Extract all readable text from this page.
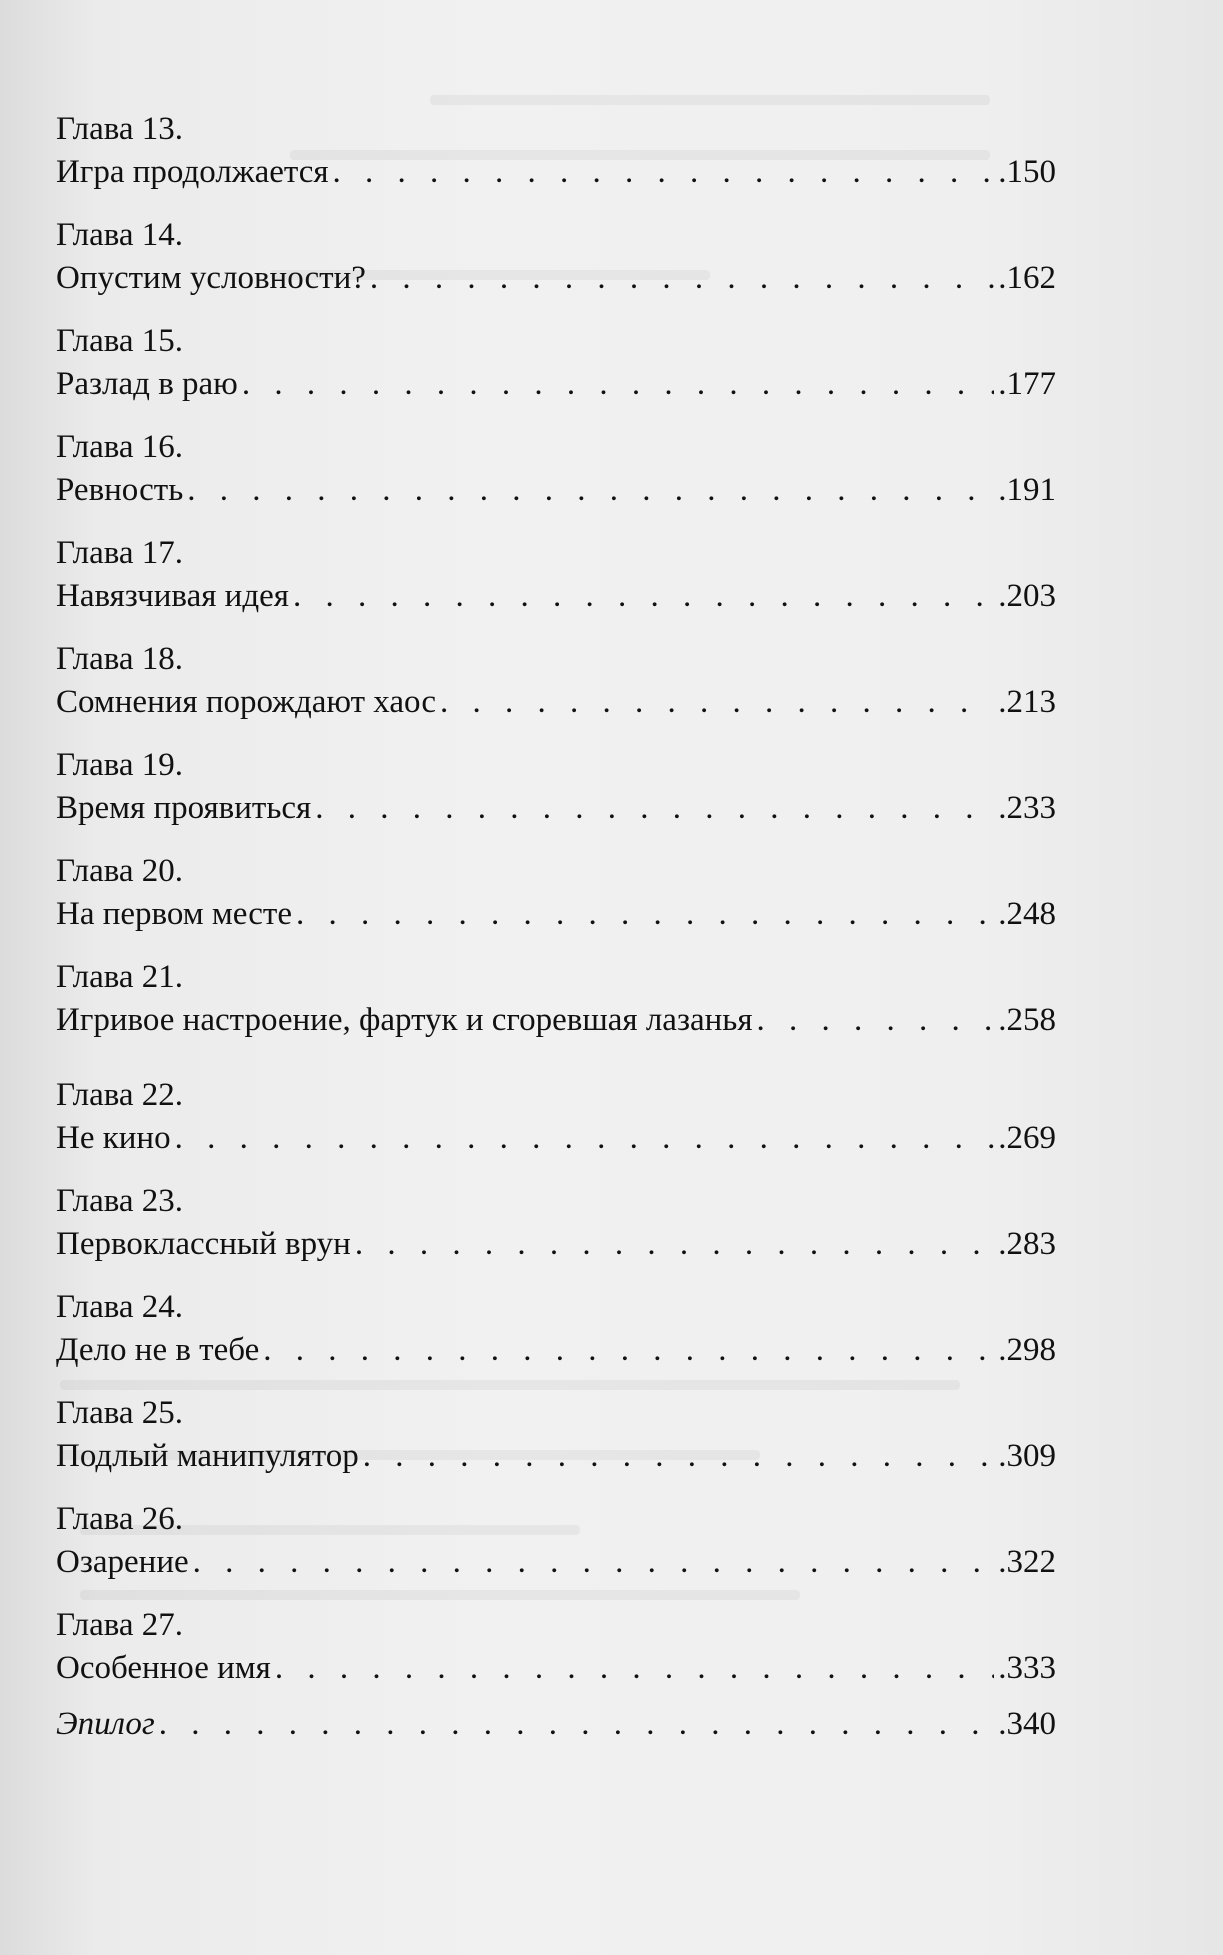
Глава 13.
Игра продолжается . . .	.150
Глава 14.
Опустим условности? . . .	.162
Глава 15.
Разлад в раю . . .	.177
Глава 16.
Ревность . . .	.191
Глава 17.
Навязчивая идея . . .	.203
Глава 18.
Сомнения порождают хаос . . .	.213
Глава 19.
Время проявиться . . .	.233
Глава 20.
На первом месте . . .	.248
Глава 21.
Игривое настроение, фартук и сгоревшая лазанья . . .	.258
Глава 22.
Не кино . . .	.269
Глава 23.
Первоклассный врун . . .	.283
Глава 24.
Дело не в тебе . . .	.298
Глава 25.
Подлый манипулятор . . .	.309
Глава 26.
Озарение . . .	.322
Глава 27.
Особенное имя . . .	.333
Эпилог . . .	.340
